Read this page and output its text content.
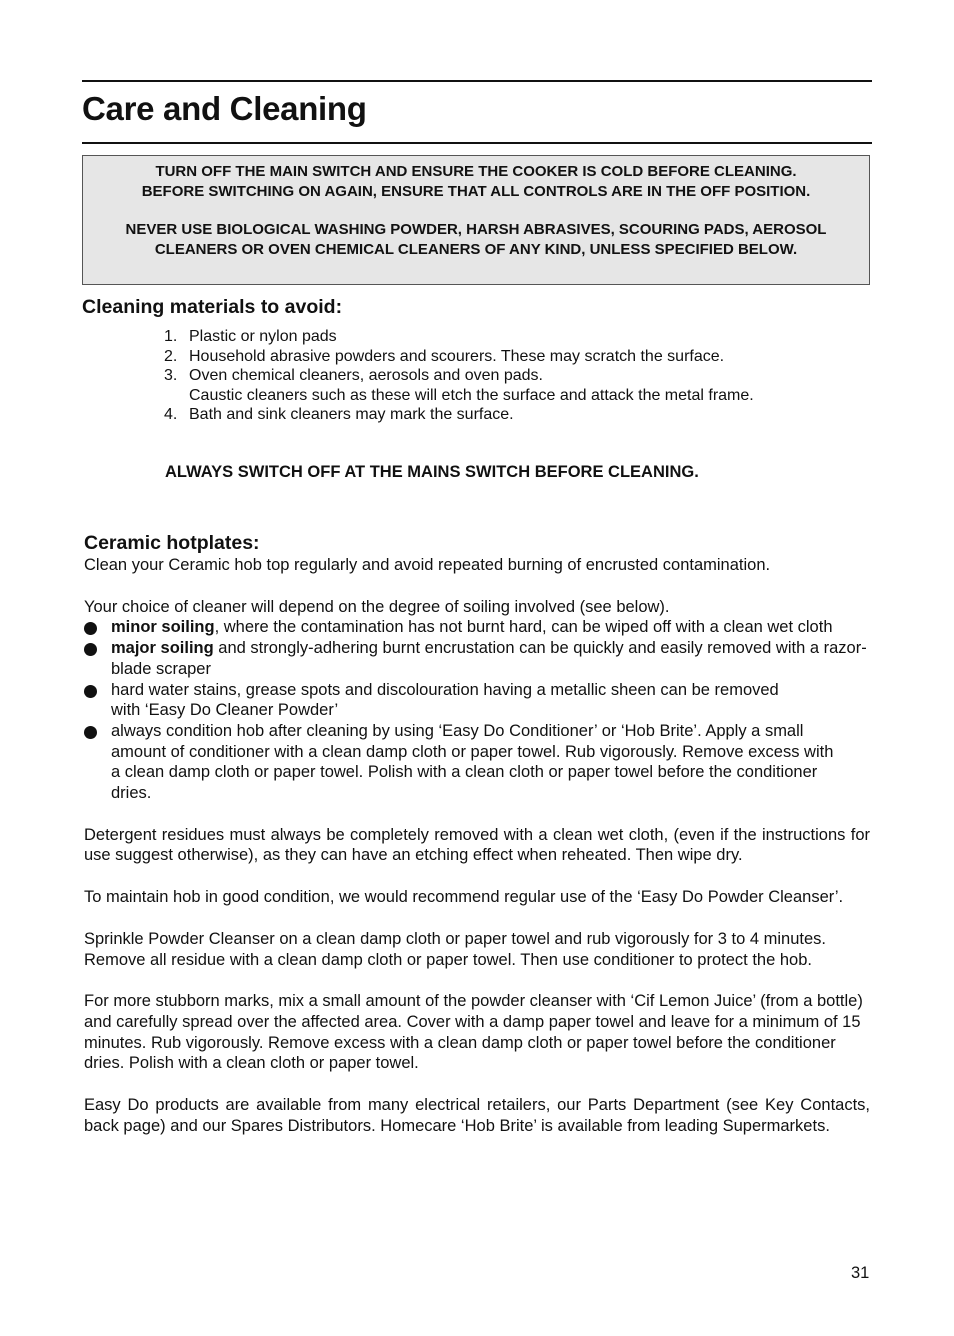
Care and Cleaning

TURN OFF THE MAIN SWITCH AND ENSURE THE COOKER IS COLD BEFORE CLEANING.

BEFORE SWITCHING ON AGAIN, ENSURE THAT ALL CONTROLS ARE IN THE OFF POSITION.

NEVER USE BIOLOGICAL WASHING POWDER, HARSH ABRASIVES, SCOURING PADS, AEROSOL CLEANERS OR OVEN CHEMICAL CLEANERS OF ANY KIND, UNLESS SPECIFIED BELOW.

Cleaning materials to avoid:
1. Plastic or nylon pads
2. Household abrasive powders and scourers. These may scratch the surface.
3. Oven chemical cleaners, aerosols and oven pads.
Caustic cleaners such as these will etch the surface and attack the metal frame.
4. Bath and sink cleaners may mark the surface.
ALWAYS SWITCH OFF AT THE MAINS SWITCH BEFORE CLEANING.
Ceramic hotplates:

Clean your Ceramic hob top regularly and avoid repeated burning of encrusted contamination.

Your choice of cleaner will depend on the degree of soiling involved (see below).

minor soiling, where the contamination has not burnt hard, can be wiped off with a clean wet cloth
major soiling and strongly-adhering burnt encrustation can be quickly and easily removed with a razor-blade scraper
hard water stains, grease spots and discolouration having a metallic sheen can be removed with ‘Easy Do Cleaner Powder’
always condition hob after cleaning by using ‘Easy Do Conditioner’ or ‘Hob Brite’. Apply a small amount of conditioner with a clean damp cloth or paper towel. Rub vigorously. Remove excess with a clean damp cloth or paper towel. Polish with a clean cloth or paper towel before the conditioner dries.

Detergent residues must always be completely removed with a clean wet cloth, (even if the instructions for use suggest otherwise), as they can have an etching effect when reheated. Then wipe dry.

To maintain hob in good condition, we would recommend regular use of the ‘Easy Do Powder Cleanser’.

Sprinkle Powder Cleanser on a clean damp cloth or paper towel and rub vigorously for 3 to 4 minutes. Remove all residue with a clean damp cloth or paper towel. Then use conditioner to protect the hob.

For more stubborn marks, mix a small amount of the powder cleanser with ‘Cif Lemon Juice’ (from a bottle) and carefully spread over the affected area. Cover with a damp paper towel and leave for a minimum of 15 minutes. Rub vigorously. Remove excess with a clean damp cloth or paper towel before the conditioner dries. Polish with a clean cloth or paper towel.

Easy Do products are available from many electrical retailers, our Parts Department (see Key Contacts, back page) and our Spares Distributors. Homecare ‘Hob Brite’ is available from leading Supermarkets.

31
